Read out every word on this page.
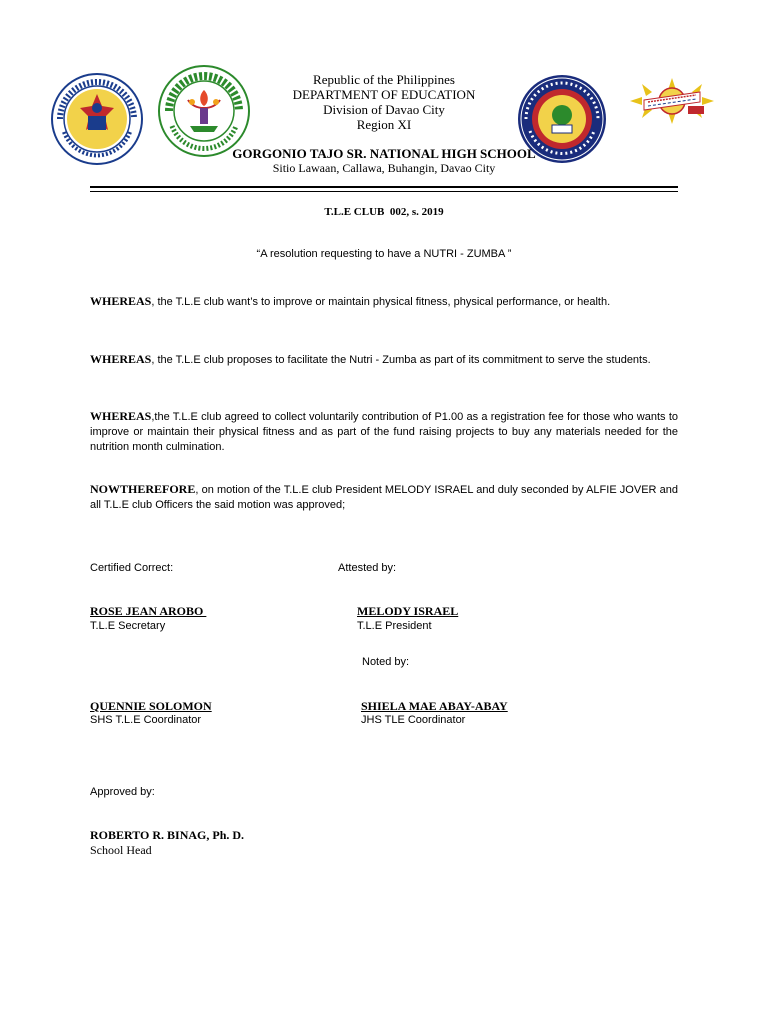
Republic of the Philippines
DEPARTMENT OF EDUCATION
Division of Davao City
Region XI
GORGONIO TAJO SR. NATIONAL HIGH SCHOOL
Sitio Lawaan, Callawa, Buhangin, Davao City
T.L.E CLUB  002, s. 2019
“A resolution requesting to have a NUTRI - ZUMBA ”
WHEREAS, the T.L.E club want’s to improve or maintain physical fitness, physical performance, or health.
WHEREAS, the T.L.E club proposes to facilitate the Nutri - Zumba as part of its commitment to serve the students.
WHEREAS,the T.L.E club agreed to collect voluntarily contribution of P1.00 as a registration fee for those who wants to improve or maintain their physical fitness and as part of the fund raising projects to buy any materials needed for the nutrition month culmination.
NOWTHEREFORE, on motion of the T.L.E club President MELODY ISRAEL and duly seconded by ALFIE JOVER and all T.L.E club Officers the said motion was approved;
Certified Correct:	Attested by:
ROSE JEAN AROBO
T.L.E Secretary
MELODY ISRAEL
T.L.E President
Noted by:
QUENNIE SOLOMON
SHS T.L.E Coordinator
SHIELA MAE ABAY-ABAY
JHS TLE Coordinator
Approved by:
ROBERTO R. BINAG, Ph. D.
School Head
